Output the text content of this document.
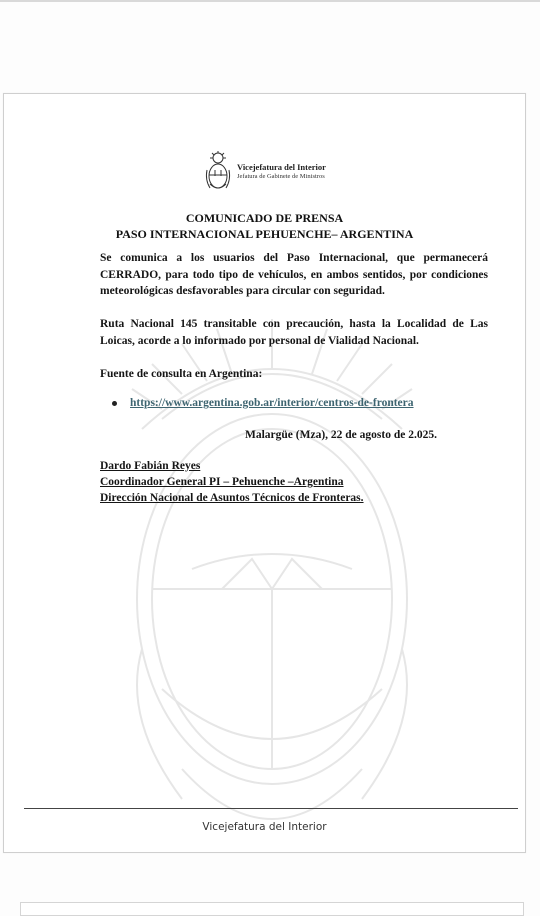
Vicejefatura del Interior
Jefatura de Gabinete de Ministros
COMUNICADO DE PRENSA
PASO INTERNACIONAL PEHUENCHE– ARGENTINA
Se comunica a los usuarios del Paso Internacional, que permanecerá CERRADO, para todo tipo de vehículos, en ambos sentidos, por condiciones meteorológicas desfavorables para circular con seguridad.
Ruta Nacional 145 transitable con precaución, hasta la Localidad de Las Loicas, acorde a lo informado por personal de Vialidad Nacional.
Fuente de consulta en Argentina:
https://www.argentina.gob.ar/interior/centros-de-frontera
Malargüe (Mza), 22 de agosto de 2.025.
Dardo Fabián Reyes
Coordinador General PI – Pehuenche –Argentina
Dirección Nacional de Asuntos Técnicos de Fronteras.
Vicejefatura del Interior
